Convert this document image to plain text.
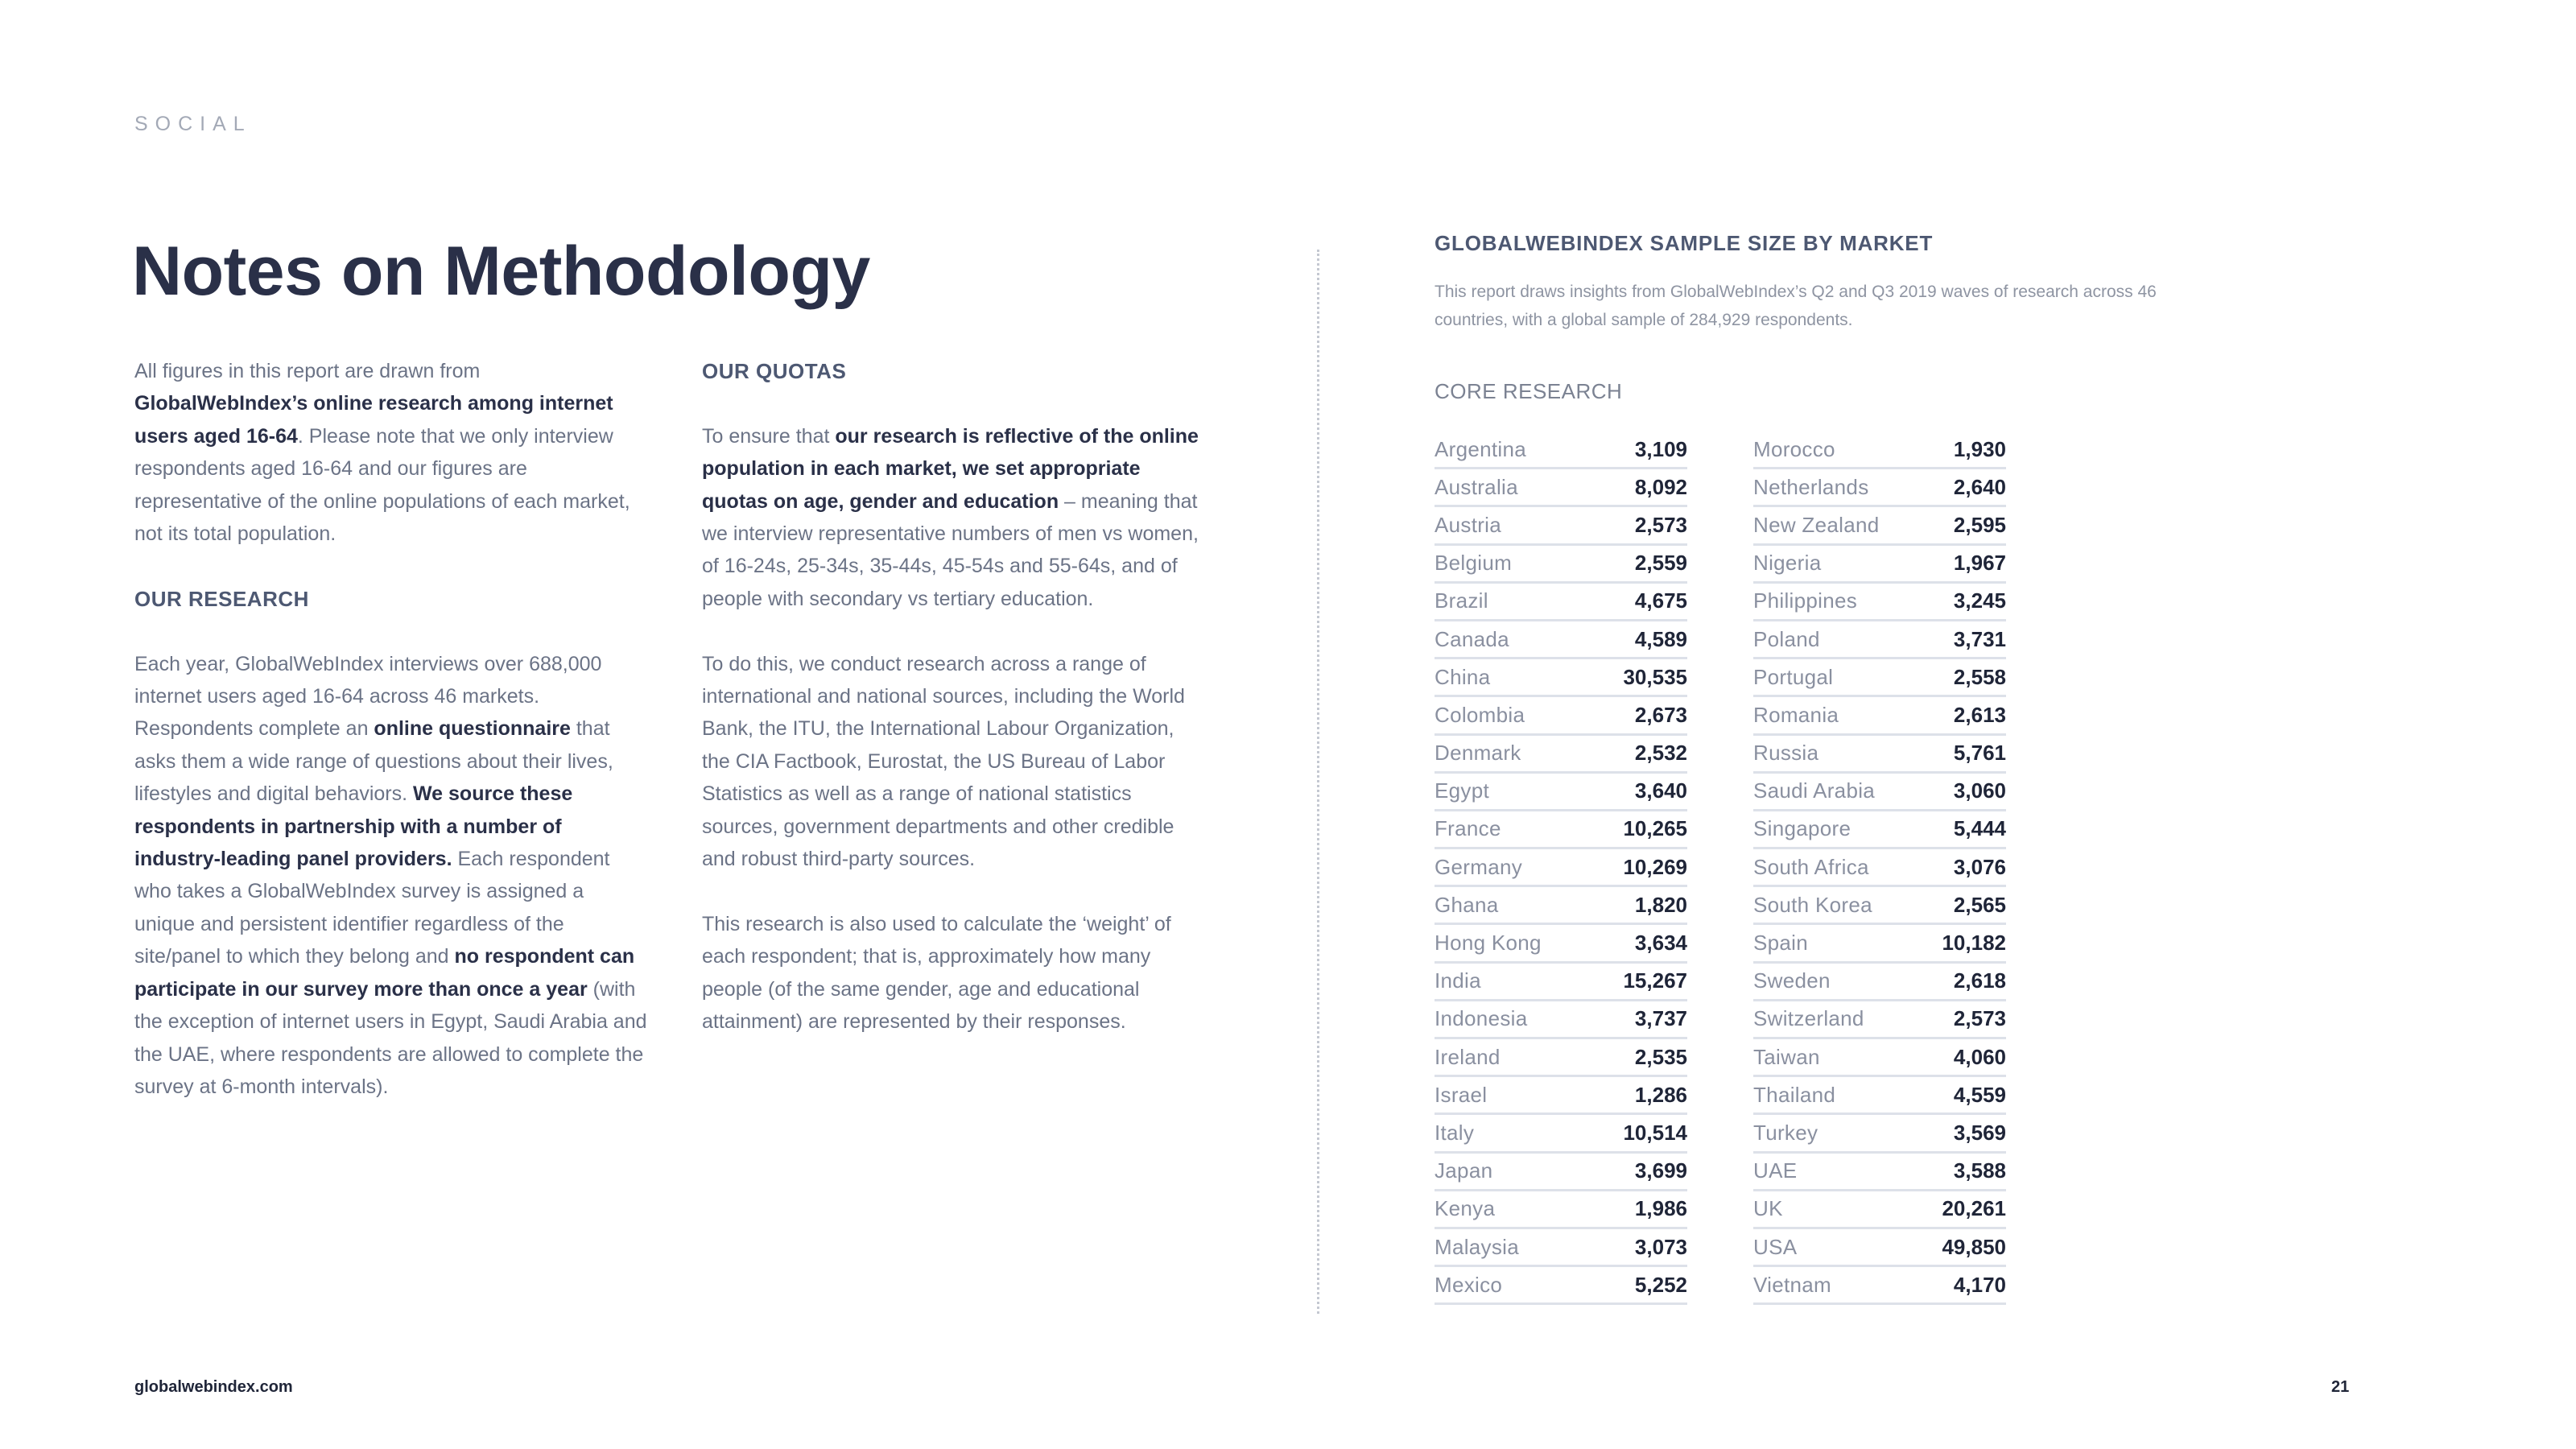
SOCIAL

Notes on Methodology

All figures in this report are drawn from GlobalWebIndex’s online research among internet users aged 16-64. Please note that we only interview respondents aged 16-64 and our figures are representative of the online populations of each market, not its total population.

OUR RESEARCH

Each year, GlobalWebIndex interviews over 688,000 internet users aged 16-64 across 46 markets. Respondents complete an online questionnaire that asks them a wide range of questions about their lives, lifestyles and digital behaviors. We source these respondents in partnership with a number of industry-leading panel providers. Each respondent who takes a GlobalWebIndex survey is assigned a unique and persistent identifier regardless of the site/panel to which they belong and no respondent can participate in our survey more than once a year (with the exception of internet users in Egypt, Saudi Arabia and the UAE, where respondents are allowed to complete the survey at 6-month intervals).

OUR QUOTAS

To ensure that our research is reflective of the online population in each market, we set appropriate quotas on age, gender and education – meaning that we interview representative numbers of men vs women, of 16-24s, 25-34s, 35-44s, 45-54s and 55-64s, and of people with secondary vs tertiary education.

To do this, we conduct research across a range of international and national sources, including the World Bank, the ITU, the International Labour Organization, the CIA Factbook, Eurostat, the US Bureau of Labor Statistics as well as a range of national statistics sources, government departments and other credible and robust third-party sources.

This research is also used to calculate the ‘weight’ of each respondent; that is, approximately how many people (of the same gender, age and educational attainment) are represented by their responses.

GLOBALWEBINDEX SAMPLE SIZE BY MARKET

This report draws insights from GlobalWebIndex’s Q2 and Q3 2019 waves of research across 46 countries, with a global sample of 284,929 respondents.

CORE RESEARCH

Argentina	3,109
Australia	8,092
Austria	2,573
Belgium	2,559
Brazil	4,675
Canada	4,589
China	30,535
Colombia	2,673
Denmark	2,532
Egypt	3,640
France	10,265
Germany	10,269
Ghana	1,820
Hong Kong	3,634
India	15,267
Indonesia	3,737
Ireland	2,535
Israel	1,286
Italy	10,514
Japan	3,699
Kenya	1,986
Malaysia	3,073
Mexico	5,252
Morocco	1,930
Netherlands	2,640
New Zealand	2,595
Nigeria	1,967
Philippines	3,245
Poland	3,731
Portugal	2,558
Romania	2,613
Russia	5,761
Saudi Arabia	3,060
Singapore	5,444
South Africa	3,076
South Korea	2,565
Spain	10,182
Sweden	2,618
Switzerland	2,573
Taiwan	4,060
Thailand	4,559
Turkey	3,569
UAE	3,588
UK	20,261
USA	49,850
Vietnam	4,170

globalwebindex.com	21
